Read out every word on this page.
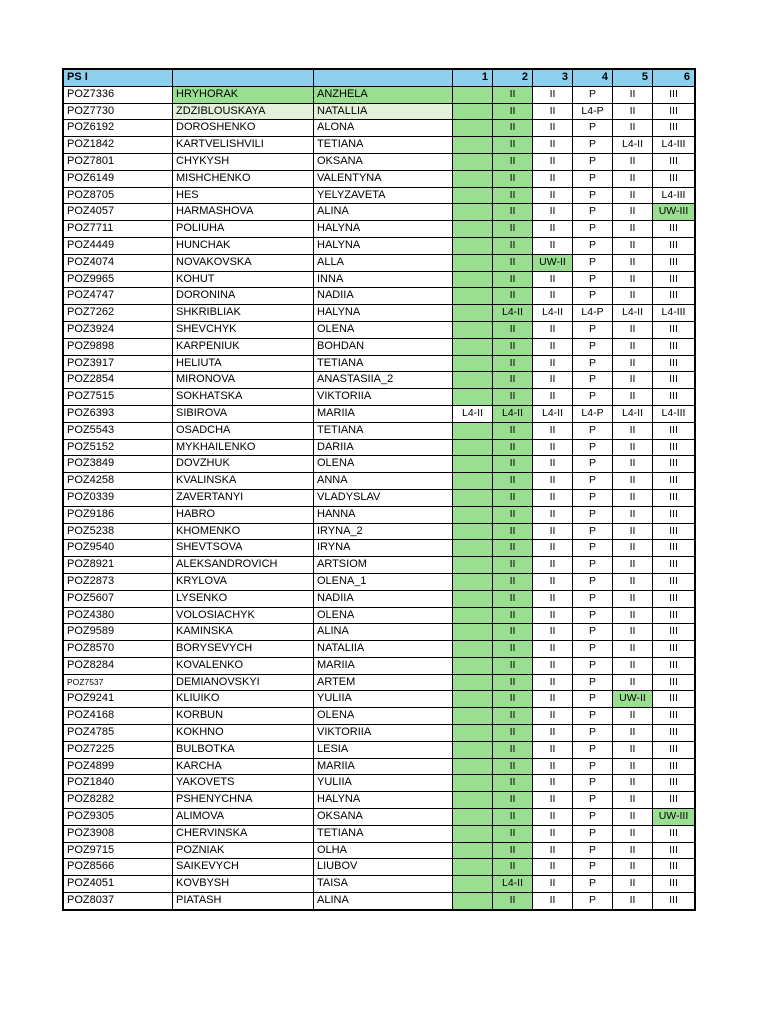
PS I			1	2	3	4	5	6
POZ7336	HRYHORAK	ANZHELA		II	II	P	II	III
POZ7730	ZDZIBLOUSKAYA	NATALLIA		II	II	L4-P	II	III
POZ6192	DOROSHENKO	ALONA		II	II	P	II	III
POZ1842	KARTVELISHVILI	TETIANA		II	II	P	L4-II	L4-III
POZ7801	CHYKYSH	OKSANA		II	II	P	II	III
POZ6149	MISHCHENKO	VALENTYNA		II	II	P	II	III
POZ8705	HES	YELYZAVETA		II	II	P	II	L4-III
POZ4057	HARMASHOVA	ALINA		II	II	P	II	UW-III
POZ7711	POLIUHA	HALYNA		II	II	P	II	III
POZ4449	HUNCHAK	HALYNA		II	II	P	II	III
POZ4074	NOVAKOVSKA	ALLA		II	UW-II	P	II	III
POZ9965	KOHUT	INNA		II	II	P	II	III
POZ4747	DORONINA	NADIIA		II	II	P	II	III
POZ7262	SHKRIBLIAK	HALYNA		L4-II	L4-II	L4-P	L4-II	L4-III
POZ3924	SHEVCHYK	OLENA		II	II	P	II	III
POZ9898	KARPENIUK	BOHDAN		II	II	P	II	III
POZ3917	HELIUTA	TETIANA		II	II	P	II	III
POZ2854	MIRONOVA	ANASTASIIA_2		II	II	P	II	III
POZ7515	SOKHATSKA	VIKTORIIA		II	II	P	II	III
POZ6393	SIBIROVA	MARIIA	L4-II	L4-II	L4-II	L4-P	L4-II	L4-III
POZ5543	OSADCHA	TETIANA		II	II	P	II	III
POZ5152	MYKHAILENKO	DARIIA		II	II	P	II	III
POZ3849	DOVZHUK	OLENA		II	II	P	II	III
POZ4258	KVALINSKA	ANNA		II	II	P	II	III
POZ0339	ZAVERTANYI	VLADYSLAV		II	II	P	II	III
POZ9186	HABRO	HANNA		II	II	P	II	III
POZ5238	KHOMENKO	IRYNA_2		II	II	P	II	III
POZ9540	SHEVTSOVA	IRYNA		II	II	P	II	III
POZ8921	ALEKSANDROVICH	ARTSIOM		II	II	P	II	III
POZ2873	KRYLOVA	OLENA_1		II	II	P	II	III
POZ5607	LYSENKO	NADIIA		II	II	P	II	III
POZ4380	VOLOSIACHYK	OLENA		II	II	P	II	III
POZ9589	KAMINSKA	ALINA		II	II	P	II	III
POZ8570	BORYSEVYCH	NATALIIA		II	II	P	II	III
POZ8284	KOVALENKO	MARIIA		II	II	P	II	III
POZ7537	DEMIANOVSKYI	ARTEM		II	II	P	II	III
POZ9241	KLIUIKO	YULIIA		II	II	P	UW-II	III
POZ4168	KORBUN	OLENA		II	II	P	II	III
POZ4785	KOKHNO	VIKTORIIA		II	II	P	II	III
POZ7225	BULBOTKA	LESIA		II	II	P	II	III
POZ4899	KARCHA	MARIIA		II	II	P	II	III
POZ1840	YAKOVETS	YULIIA		II	II	P	II	III
POZ8282	PSHENYCHNA	HALYNA		II	II	P	II	III
POZ9305	ALIMOVA	OKSANA		II	II	P	II	UW-III
POZ3908	CHERVINSKA	TETIANA		II	II	P	II	III
POZ9715	POZNIAK	OLHA		II	II	P	II	III
POZ8566	SAIKEVYCH	LIUBOV		II	II	P	II	III
POZ4051	KOVBYSH	TAISA		L4-II	II	P	II	III
POZ8037	PIATASH	ALINA		II	II	P	II	III
